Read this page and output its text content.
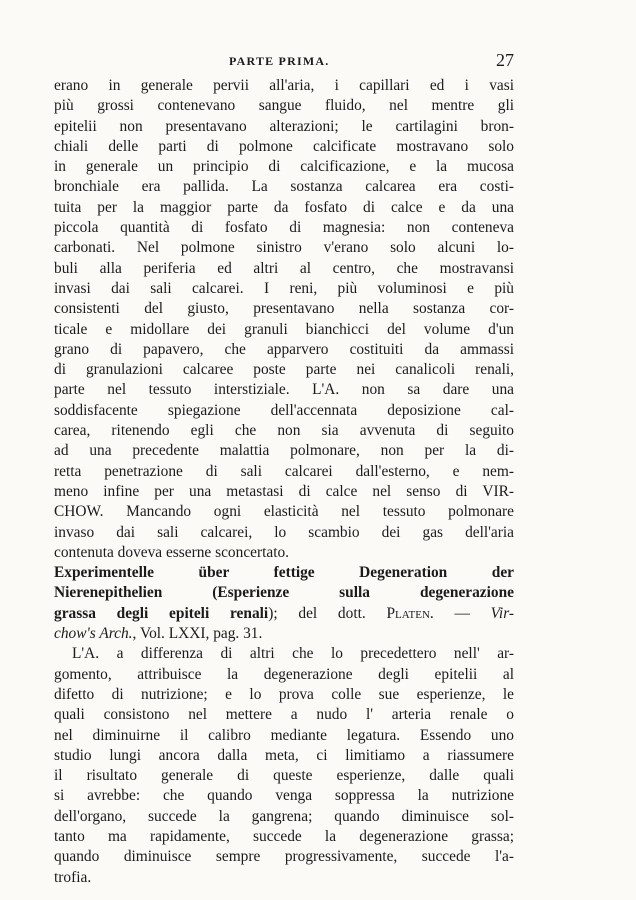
PARTE PRIMA.	27
erano in generale pervii all'aria, i capillari ed i vasi
più grossi contenevano sangue fluido, nel mentre gli
epitelii non presentavano alterazioni; le cartilagini bron-
chiali delle parti di polmone calcificate mostravano solo
in generale un principio di calcificazione, e la mucosa
bronchiale era pallida. La sostanza calcarea era costi-
tuita per la maggior parte da fosfato di calce e da una
piccola quantità di fosfato di magnesia: non conteneva
carbonati. Nel polmone sinistro v'erano solo alcuni lo-
buli alla periferia ed altri al centro, che mostravansi
invasi dai sali calcarei. I reni, più voluminosi e più
consistenti del giusto, presentavano nella sostanza cor-
ticale e midollare dei granuli bianchicci del volume d'un
grano di papavero, che apparvero costituiti da ammassi
di granulazioni calcaree poste parte nei canalicoli renali,
parte nel tessuto interstiziale. L'A. non sa dare una
soddisfacente spiegazione dell'accennata deposizione cal-
carea, ritenendo egli che non sia avvenuta di seguito
ad una precedente malattia polmonare, non per la di-
retta penetrazione di sali calcarei dall'esterno, e nem-
meno infine per una metastasi di calce nel senso di VIR-
CHOW. Mancando ogni elasticità nel tessuto polmonare
invaso dai sali calcarei, lo scambio dei gas dell'aria
contenuta doveva esserne sconcertato.
Experimentelle über fettige Degeneration der
Nierenepithelien (Esperienze sulla degenerazione
grassa degli epiteli renali); del dott. Platen. — Vir-
chow's Arch., Vol. LXXI, pag. 31.
L'A. a differenza di altri che lo precedettero nell' ar-
gomento, attribuisce la degenerazione degli epitelii al
difetto di nutrizione; e lo prova colle sue esperienze, le
quali consistono nel mettere a nudo l' arteria renale o
nel diminuirne il calibro mediante legatura. Essendo uno
studio lungi ancora dalla meta, ci limitiamo a riassumere
il risultato generale di queste esperienze, dalle quali
si avrebbe: che quando venga soppressa la nutrizione
dell'organo, succede la gangrena; quando diminuisce sol-
tanto ma rapidamente, succede la degenerazione grassa;
quando diminuisce sempre progressivamente, succede l'a-
trofia.
